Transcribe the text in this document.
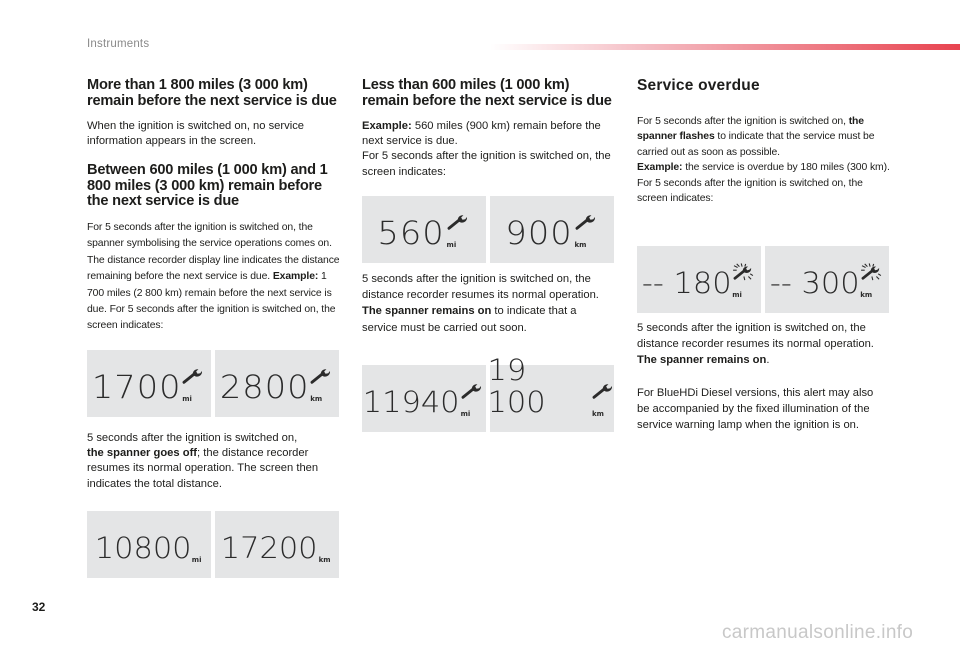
Instruments
More than 1 800 miles (3 000 km) remain before the next service is due

When the ignition is switched on, no service information appears in the screen.

Between 600 miles (1 000 km) and 1 800 miles (3 000 km) remain before the next service is due

For 5 seconds after the ignition is switched on, the spanner symbolising the service operations comes on. The distance recorder display line indicates the distance remaining before the next service is due. Example: 1 700 miles (2 800 km) remain before the next service is due. For 5 seconds after the ignition is switched on, the screen indicates:

1700 mi 2800 km

5 seconds after the ignition is switched on,
the spanner goes off; the distance recorder resumes its normal operation. The screen then indicates the total distance.

10800 mi 17200 km
Less than 600 miles (1 000 km) remain before the next service is due

Example: 560 miles (900 km) remain before the next service is due.
For 5 seconds after the ignition is switched on, the screen indicates:

560 mi 900 km

5 seconds after the ignition is switched on, the distance recorder resumes its normal operation. The spanner remains on to indicate that a service must be carried out soon.

11940 mi
19 100	km
Service overdue

For 5 seconds after the ignition is switched on, the spanner flashes to indicate that the service must be carried out as soon as possible.
Example: the service is overdue by 180 miles (300 km).
For 5 seconds after the ignition is switched on, the screen indicates:

-- 180 mi -- 300 km

5 seconds after the ignition is switched on, the distance recorder resumes its normal operation. The spanner remains on.

For BlueHDi Diesel versions, this alert may also be accompanied by the fixed illumination of the service warning lamp when the ignition is on.

32
carmanualsonline.info
